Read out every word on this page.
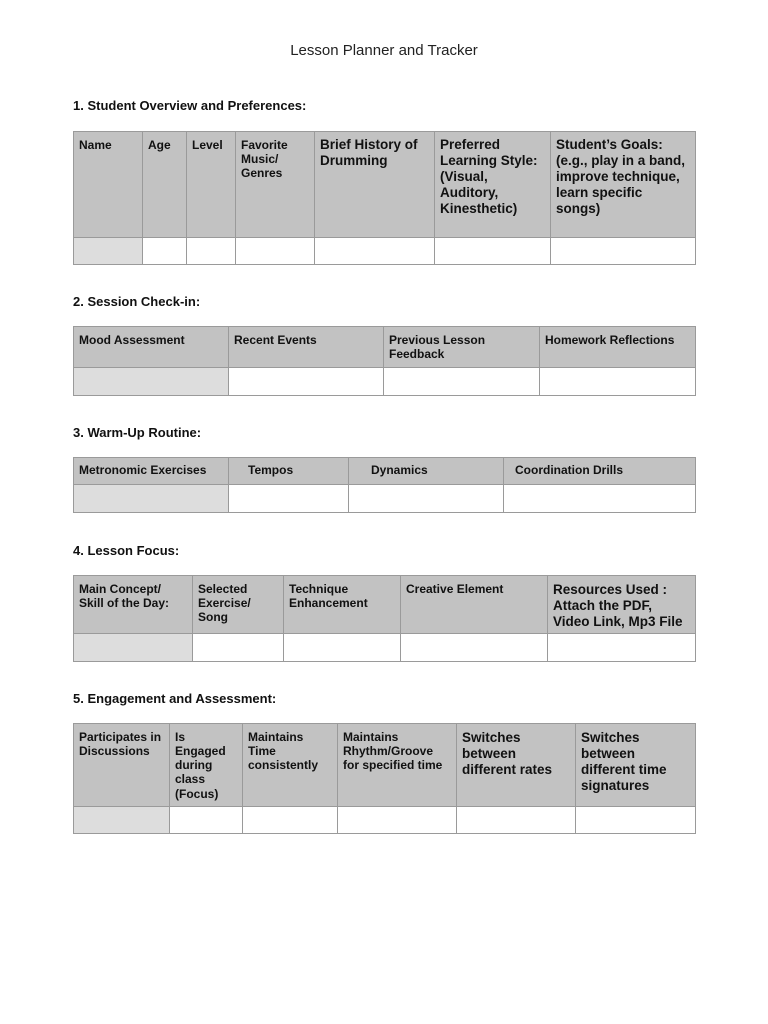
Lesson Planner and Tracker
1. Student Overview and Preferences:
Name	Age	Level	Favorite Music/ Genres	Brief History of Drumming	Preferred Learning Style: (Visual, Auditory, Kinesthetic)	Student’s Goals: (e.g., play in a band, improve technique, learn specific songs)

2. Session Check-in:
Mood Assessment	Recent Events	Previous Lesson Feedback	Homework Reflections

3. Warm-Up Routine:
Metronomic Exercises	Tempos	Dynamics	Coordination Drills

4. Lesson Focus:
Main Concept/ Skill of the Day:	Selected Exercise/ Song	Technique Enhancement	Creative Element	Resources Used : Attach the PDF, Video Link, Mp3 File

5. Engagement and Assessment:
Participates in Discussions	Is Engaged during class (Focus)	Maintains Time consistently	Maintains Rhythm/Groove for specified time	Switches between different rates	Switches between different time signatures
